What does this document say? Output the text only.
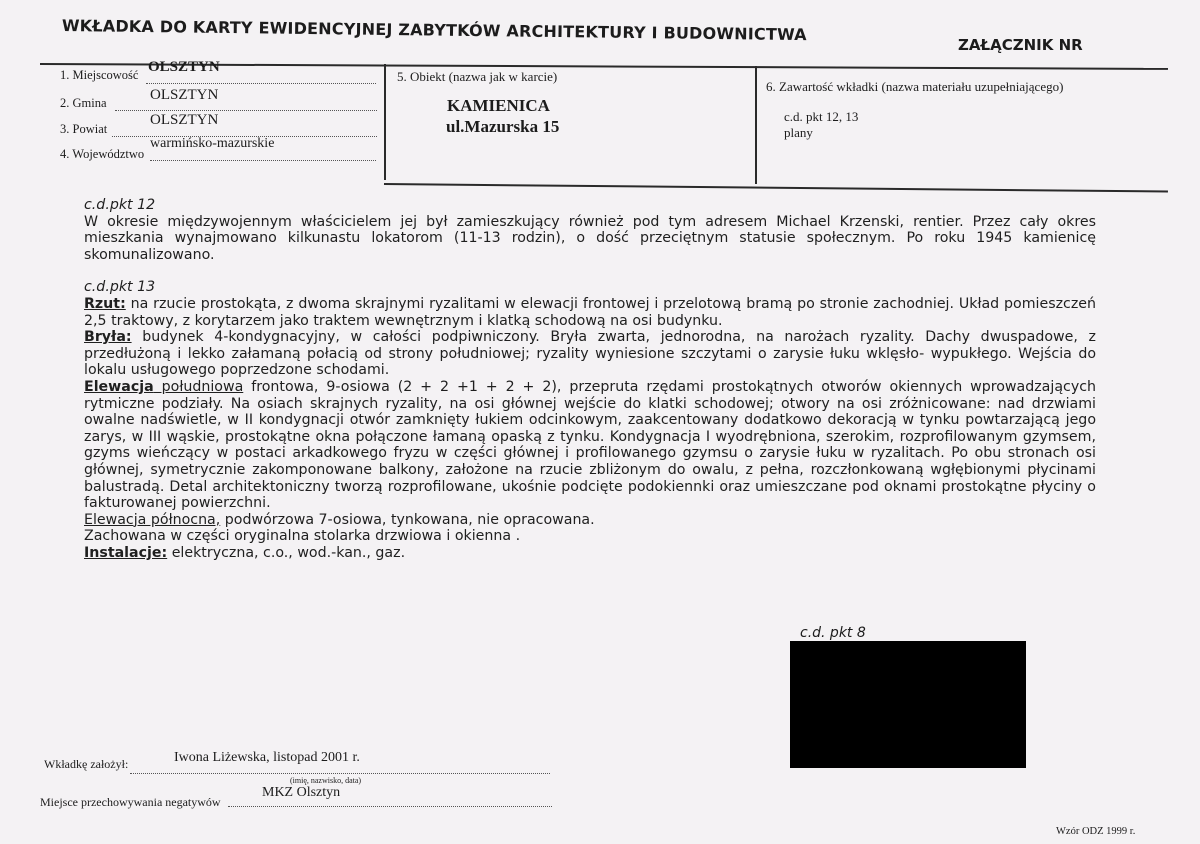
WKŁADKA DO KARTY EWIDENCYJNEJ ZABYTKÓW ARCHITEKTURY I BUDOWNICTWA
ZAŁĄCZNIK NR
1. Miejscowość OLSZTYN
2. Gmina	OLSZTYN
3. Powiat
OLSZTYN
4. Województwo
warmińsko-mazurskie
5. Obiekt (nazwa jak w karcie)
KAMIENICA
ul.Mazurska 15
6. Zawartość wkładki (nazwa materiału uzupełniającego)
c.d. pkt 12, 13
plany

c.d.pkt 12

W okresie międzywojennym właścicielem jej był zamieszkujący również pod tym adresem Michael Krzenski, rentier. Przez cały okres mieszkania wynajmowano kilkunastu lokatorom (11-13 rodzin), o dość przeciętnym statusie społecznym. Po roku 1945 kamienicę skomunalizowano.

c.d.pkt 13

Rzut: na rzucie prostokąta, z dwoma skrajnymi ryzalitami w elewacji frontowej i przelotową bramą po stronie zachodniej. Układ pomieszczeń 2,5 traktowy, z korytarzem jako traktem wewnętrznym i klatką schodową na osi budynku.

Bryła: budynek 4-kondygnacyjny, w całości podpiwniczony. Bryła zwarta, jednorodna, na narożach ryzality. Dachy dwuspadowe, z przedłużoną i lekko załamaną połacią od strony południowej; ryzality wyniesione szczytami o zarysie łuku wklęsło- wypukłego. Wejścia do lokalu usługowego poprzedzone schodami.

Elewacja południowa frontowa, 9-osiowa (2 + 2 +1 + 2 + 2), przepruta rzędami prostokątnych otworów okiennych wprowadzających rytmiczne podziały. Na osiach skrajnych ryzality, na osi głównej wejście do klatki schodowej; otwory na osi zróżnicowane: nad drzwiami owalne nadświetle, w II kondygnacji otwór zamknięty łukiem odcinkowym, zaakcentowany dodatkowo dekoracją w tynku powtarzającą jego zarys, w III wąskie, prostokątne okna połączone łamaną opaską z tynku. Kondygnacja I wyodrębniona, szerokim, rozprofilowanym gzymsem, gzyms wieńczący w postaci arkadkowego fryzu w części głównej i profilowanego gzymsu o zarysie łuku w ryzalitach. Po obu stronach osi głównej, symetrycznie zakomponowane balkony, założone na rzucie zbliżonym do owalu, z pełna, rozczłonkowaną wgłębionymi płycinami balustradą. Detal architektoniczny tworzą rozprofilowane, ukośnie podcięte podokiennki oraz umieszczane pod oknami prostokątne płyciny o fakturowanej powierzchni.

Elewacja północna, podwórzowa 7-osiowa, tynkowana, nie opracowana.

Zachowana w części oryginalna stolarka drzwiowa i okienna .

Instalacje: elektryczna, c.o., wod.-kan., gaz.

c.d. pkt 8
Wkładkę założył:	Iwona Liżewska, listopad 2001 r.
(imię, nazwisko, data)
Miejsce przechowywania negatywów
MKZ Olsztyn
Wzór ODZ 1999 r.
